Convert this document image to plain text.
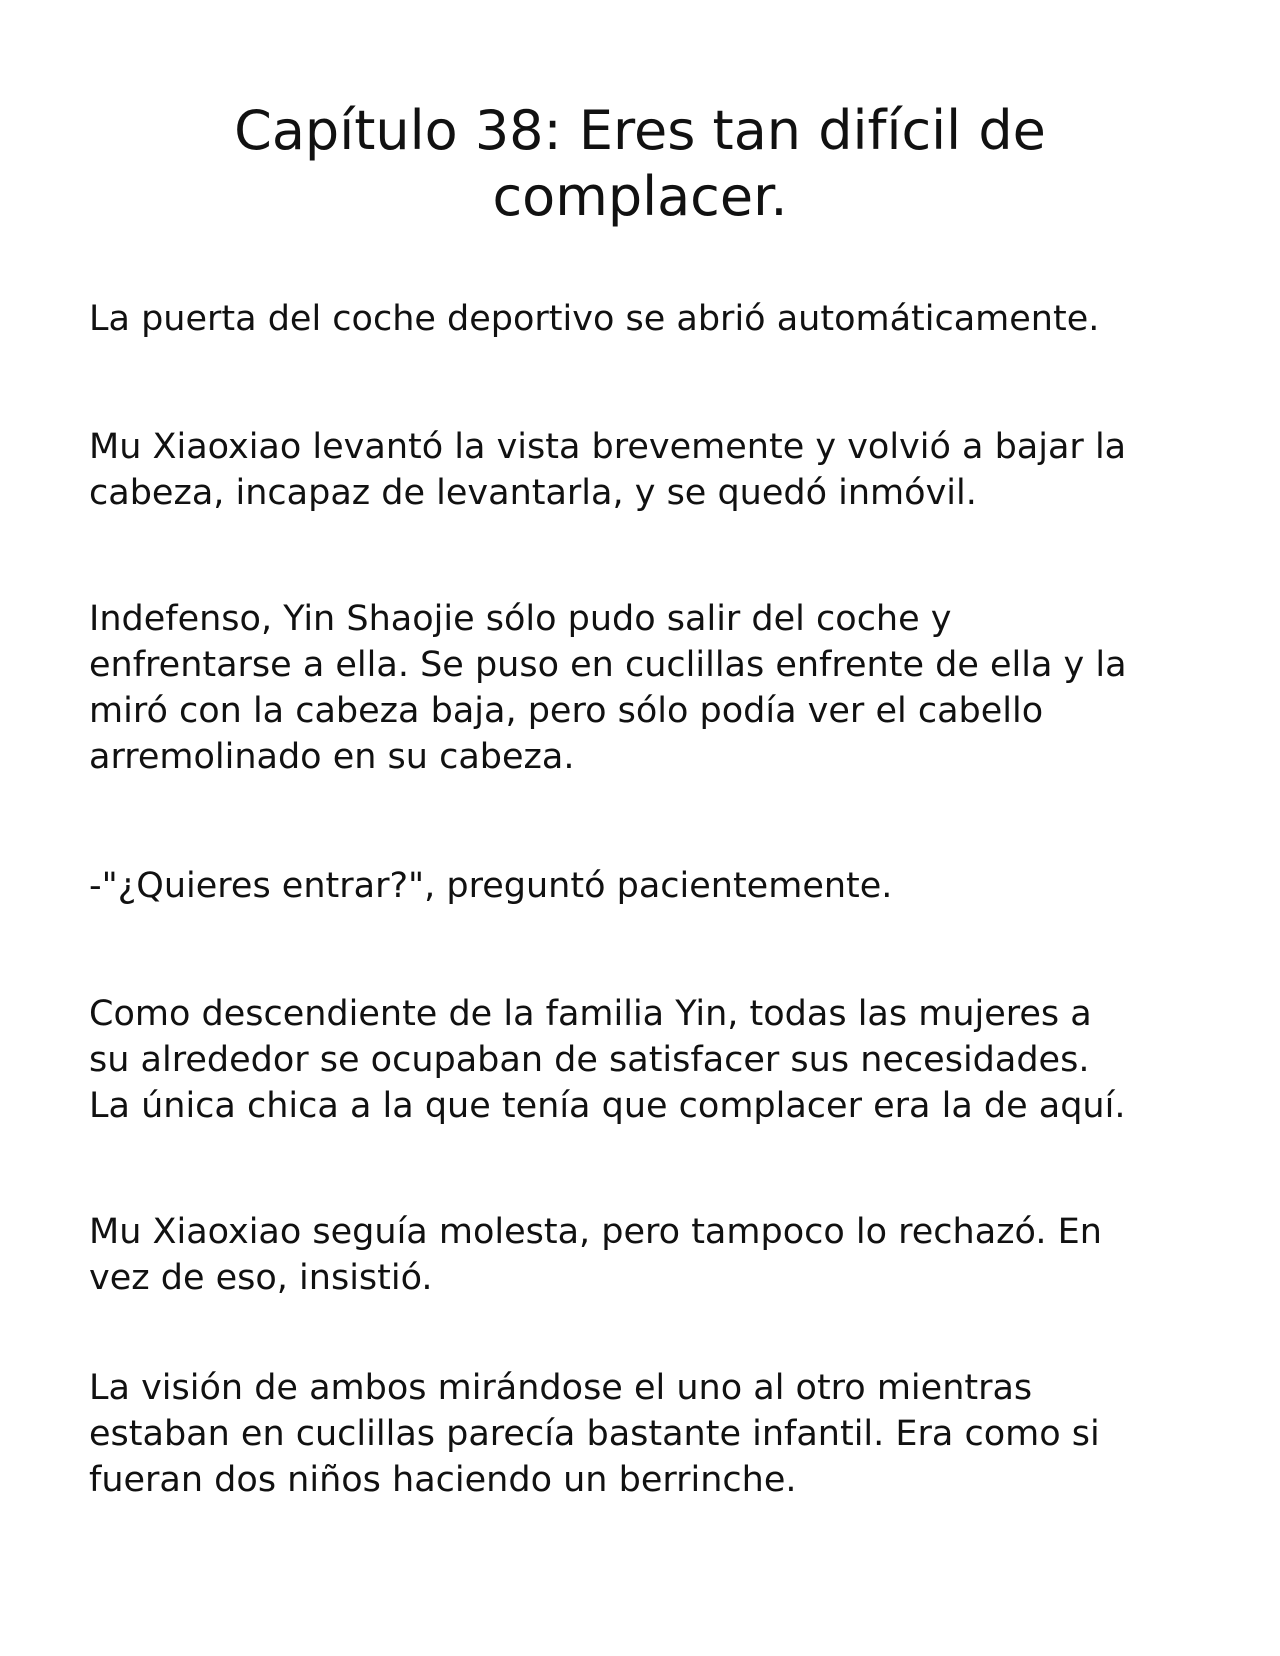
Capítulo 38: Eres tan difícil de
complacer.

La puerta del coche deportivo se abrió automáticamente.

Mu Xiaoxiao levantó la vista brevemente y volvió a bajar la
cabeza, incapaz de levantarla, y se quedó inmóvil.

Indefenso, Yin Shaojie sólo pudo salir del coche y
enfrentarse a ella. Se puso en cuclillas enfrente de ella y la
miró con la cabeza baja, pero sólo podía ver el cabello
arremolinado en su cabeza.

-"¿Quieres entrar?", preguntó pacientemente.

Como descendiente de la familia Yin, todas las mujeres a
su alrededor se ocupaban de satisfacer sus necesidades.
La única chica a la que tenía que complacer era la de aquí.

Mu Xiaoxiao seguía molesta, pero tampoco lo rechazó. En
vez de eso, insistió.

La visión de ambos mirándose el uno al otro mientras
estaban en cuclillas parecía bastante infantil. Era como si
fueran dos niños haciendo un berrinche.
